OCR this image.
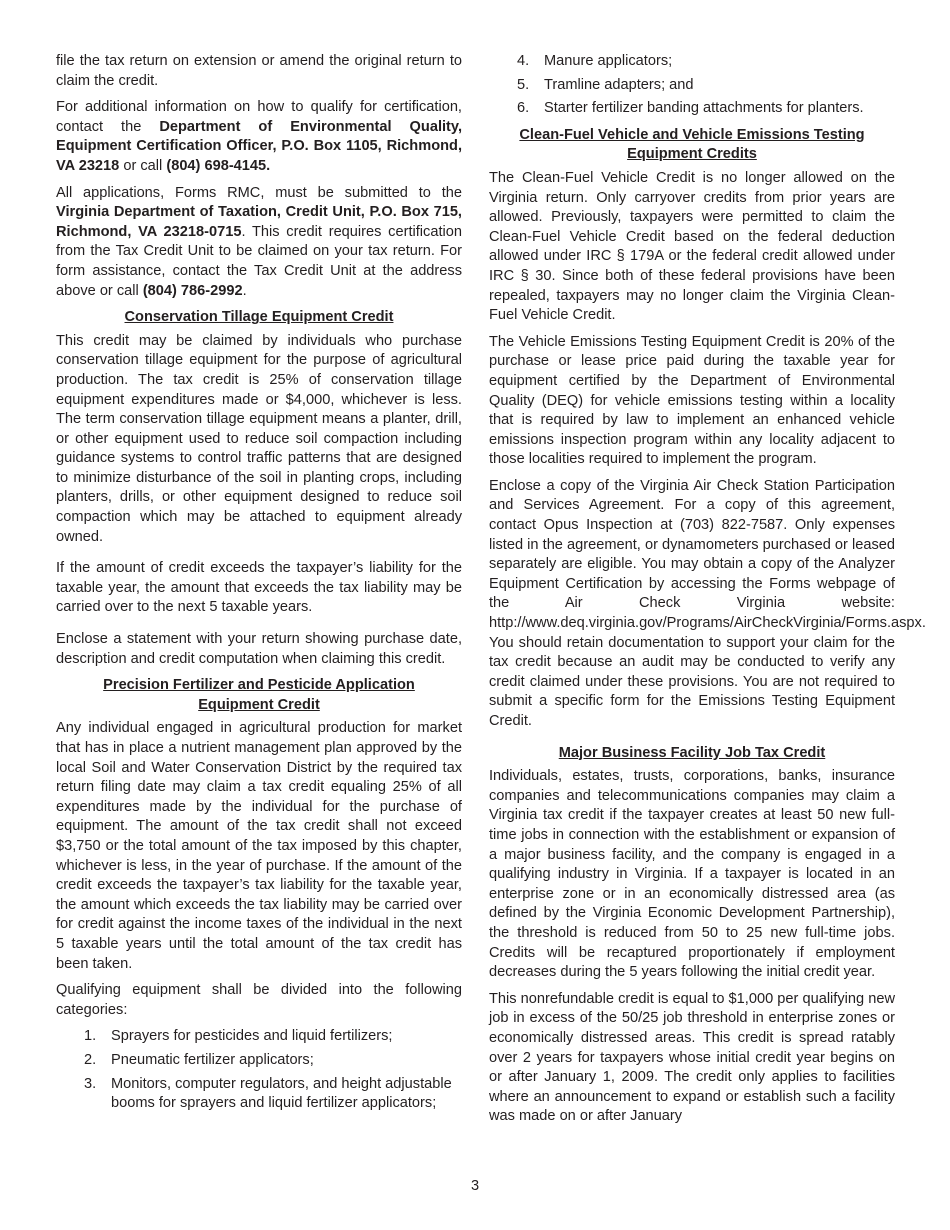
file the tax return on extension or amend the original return to claim the credit.

For additional information on how to qualify for certification, contact the Department of Environmental Quality, Equipment Certification Officer, P.O. Box 1105, Richmond, VA 23218 or call (804) 698-4145.

All applications, Forms RMC, must be submitted to the Virginia Department of Taxation, Credit Unit, P.O. Box 715, Richmond, VA 23218-0715. This credit requires certification from the Tax Credit Unit to be claimed on your tax return. For form assistance, contact the Tax Credit Unit at the address above or call (804) 786-2992.

Conservation Tillage Equipment Credit

This credit may be claimed by individuals who purchase conservation tillage equipment for the purpose of agricultural production. The tax credit is 25% of conservation tillage equipment expenditures made or $4,000, whichever is less. The term conservation tillage equipment means a planter, drill, or other equipment used to reduce soil compaction including guidance systems to control traffic patterns that are designed to minimize disturbance of the soil in planting crops, including planters, drills, or other equipment designed to reduce soil compaction which may be attached to equipment already owned.

If the amount of credit exceeds the taxpayer’s liability for the taxable year, the amount that exceeds the tax liability may be carried over to the next 5 taxable years.

Enclose a statement with your return showing purchase date, description and credit computation when claiming this credit.

Precision Fertilizer and Pesticide Application
Equipment Credit

Any individual engaged in agricultural production for market that has in place a nutrient management plan approved by the local Soil and Water Conservation District by the required tax return filing date may claim a tax credit equaling 25% of all expenditures made by the individual for the purchase of equipment. The amount of the tax credit shall not exceed $3,750 or the total amount of the tax imposed by this chapter, whichever is less, in the year of purchase. If the amount of the credit exceeds the taxpayer’s tax liability for the taxable year, the amount which exceeds the tax liability may be carried over for credit against the income taxes of the individual in the next 5 taxable years until the total amount of the tax credit has been taken.

Qualifying equipment shall be divided into the following categories:

1. Sprayers for pesticides and liquid fertilizers;
2. Pneumatic fertilizer applicators;
3. Monitors, computer regulators, and height adjustable booms for sprayers and liquid fertilizer applicators;
4. Manure applicators;
5. Tramline adapters; and
6. Starter fertilizer banding attachments for planters.
Clean-Fuel Vehicle and Vehicle Emissions Testing
Equipment Credits

The Clean-Fuel Vehicle Credit is no longer allowed on the Virginia return. Only carryover credits from prior years are allowed. Previously, taxpayers were permitted to claim the Clean-Fuel Vehicle Credit based on the federal deduction allowed under IRC § 179A or the federal credit allowed under IRC § 30. Since both of these federal provisions have been repealed, taxpayers may no longer claim the Virginia Clean-Fuel Vehicle Credit.

The Vehicle Emissions Testing Equipment Credit is 20% of the purchase or lease price paid during the taxable year for equipment certified by the Department of Environmental Quality (DEQ) for vehicle emissions testing within a locality that is required by law to implement an enhanced vehicle emissions inspection program within any locality adjacent to those localities required to implement the program.

Enclose a copy of the Virginia Air Check Station Participation and Services Agreement. For a copy of this agreement, contact Opus Inspection at (703) 822-7587. Only expenses listed in the agreement, or dynamometers purchased or leased separately are eligible. You may obtain a copy of the Analyzer Equipment Certification by accessing the Forms webpage of the Air Check Virginia website: http://www.deq.virginia.gov/Programs/AirCheckVirginia/Forms.aspx. You should retain documentation to support your claim for the tax credit because an audit may be conducted to verify any credit claimed under these provisions. You are not required to submit a specific form for the Emissions Testing Equipment Credit.

Major Business Facility Job Tax Credit

Individuals, estates, trusts, corporations, banks, insurance companies and telecommunications companies may claim a Virginia tax credit if the taxpayer creates at least 50 new full-time jobs in connection with the establishment or expansion of a major business facility, and the company is engaged in a qualifying industry in Virginia. If a taxpayer is located in an enterprise zone or in an economically distressed area (as defined by the Virginia Economic Development Partnership), the threshold is reduced from 50 to 25 new full-time jobs. Credits will be recaptured proportionately if employment decreases during the 5 years following the initial credit year.

This nonrefundable credit is equal to $1,000 per qualifying new job in excess of the 50/25 job threshold in enterprise zones or economically distressed areas. This credit is spread ratably over 2 years for taxpayers whose initial credit year begins on or after January 1, 2009. The credit only applies to facilities where an announcement to expand or establish such a facility was made on or after January

3
